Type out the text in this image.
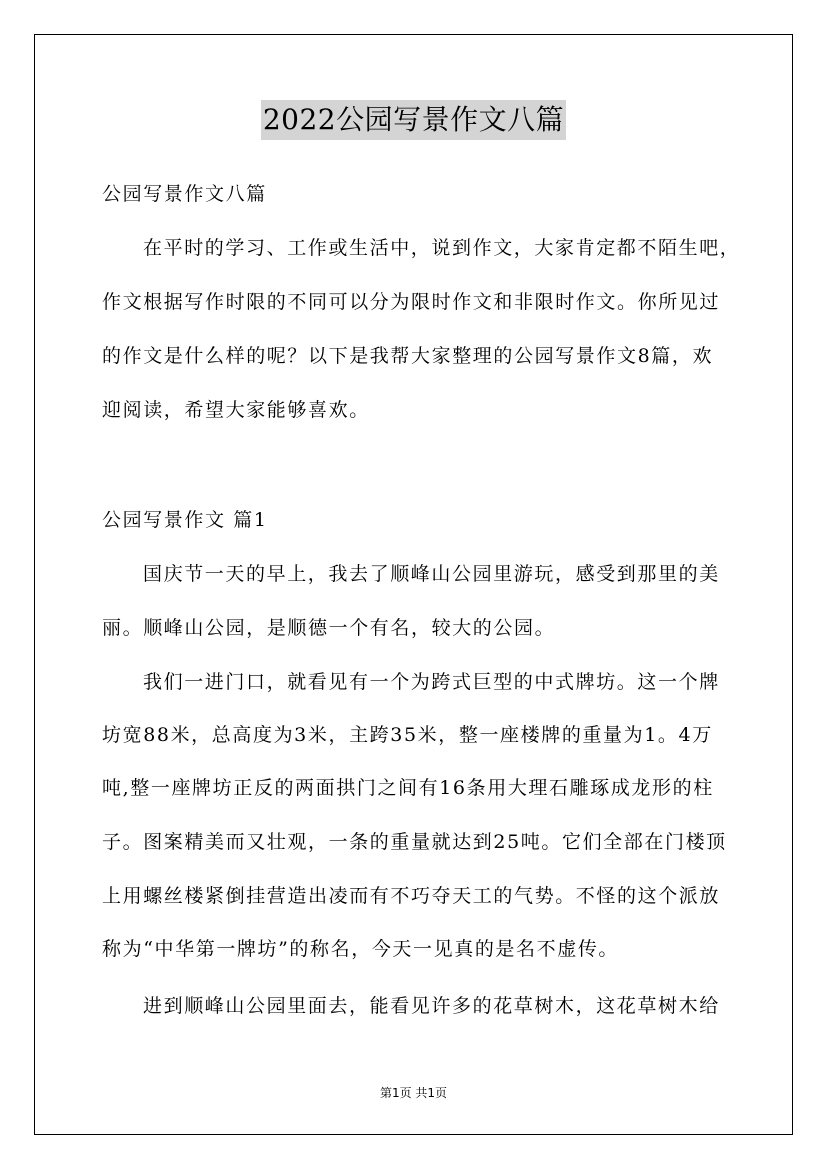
2022公园写景作文八篇
公园写景作文八篇
在平时的学习、工作或生活中，说到作文，大家肯定都不陌生吧，
作文根据写作时限的不同可以分为限时作文和非限时作文。你所见过
的作文是什么样的呢？以下是我帮大家整理的公园写景作文8篇，欢
迎阅读，希望大家能够喜欢。
公园写景作文 篇1
国庆节一天的早上，我去了顺峰山公园里游玩，感受到那里的美
丽。顺峰山公园，是顺德一个有名，较大的公园。
我们一进门口，就看见有一个为跨式巨型的中式牌坊。这一个牌
坊宽88米，总高度为3米，主跨35米，整一座楼牌的重量为1。4万
吨,整一座牌坊正反的两面拱门之间有16条用大理石雕琢成龙形的柱
子。图案精美而又壮观，一条的重量就达到25吨。它们全部在门楼顶
上用螺丝楼紧倒挂营造出凌而有不巧夺天工的气势。不怪的这个派放
称为“中华第一牌坊”的称名，今天一见真的是名不虚传。
进到顺峰山公园里面去，能看见许多的花草树木，这花草树木给
第1页 共1页
